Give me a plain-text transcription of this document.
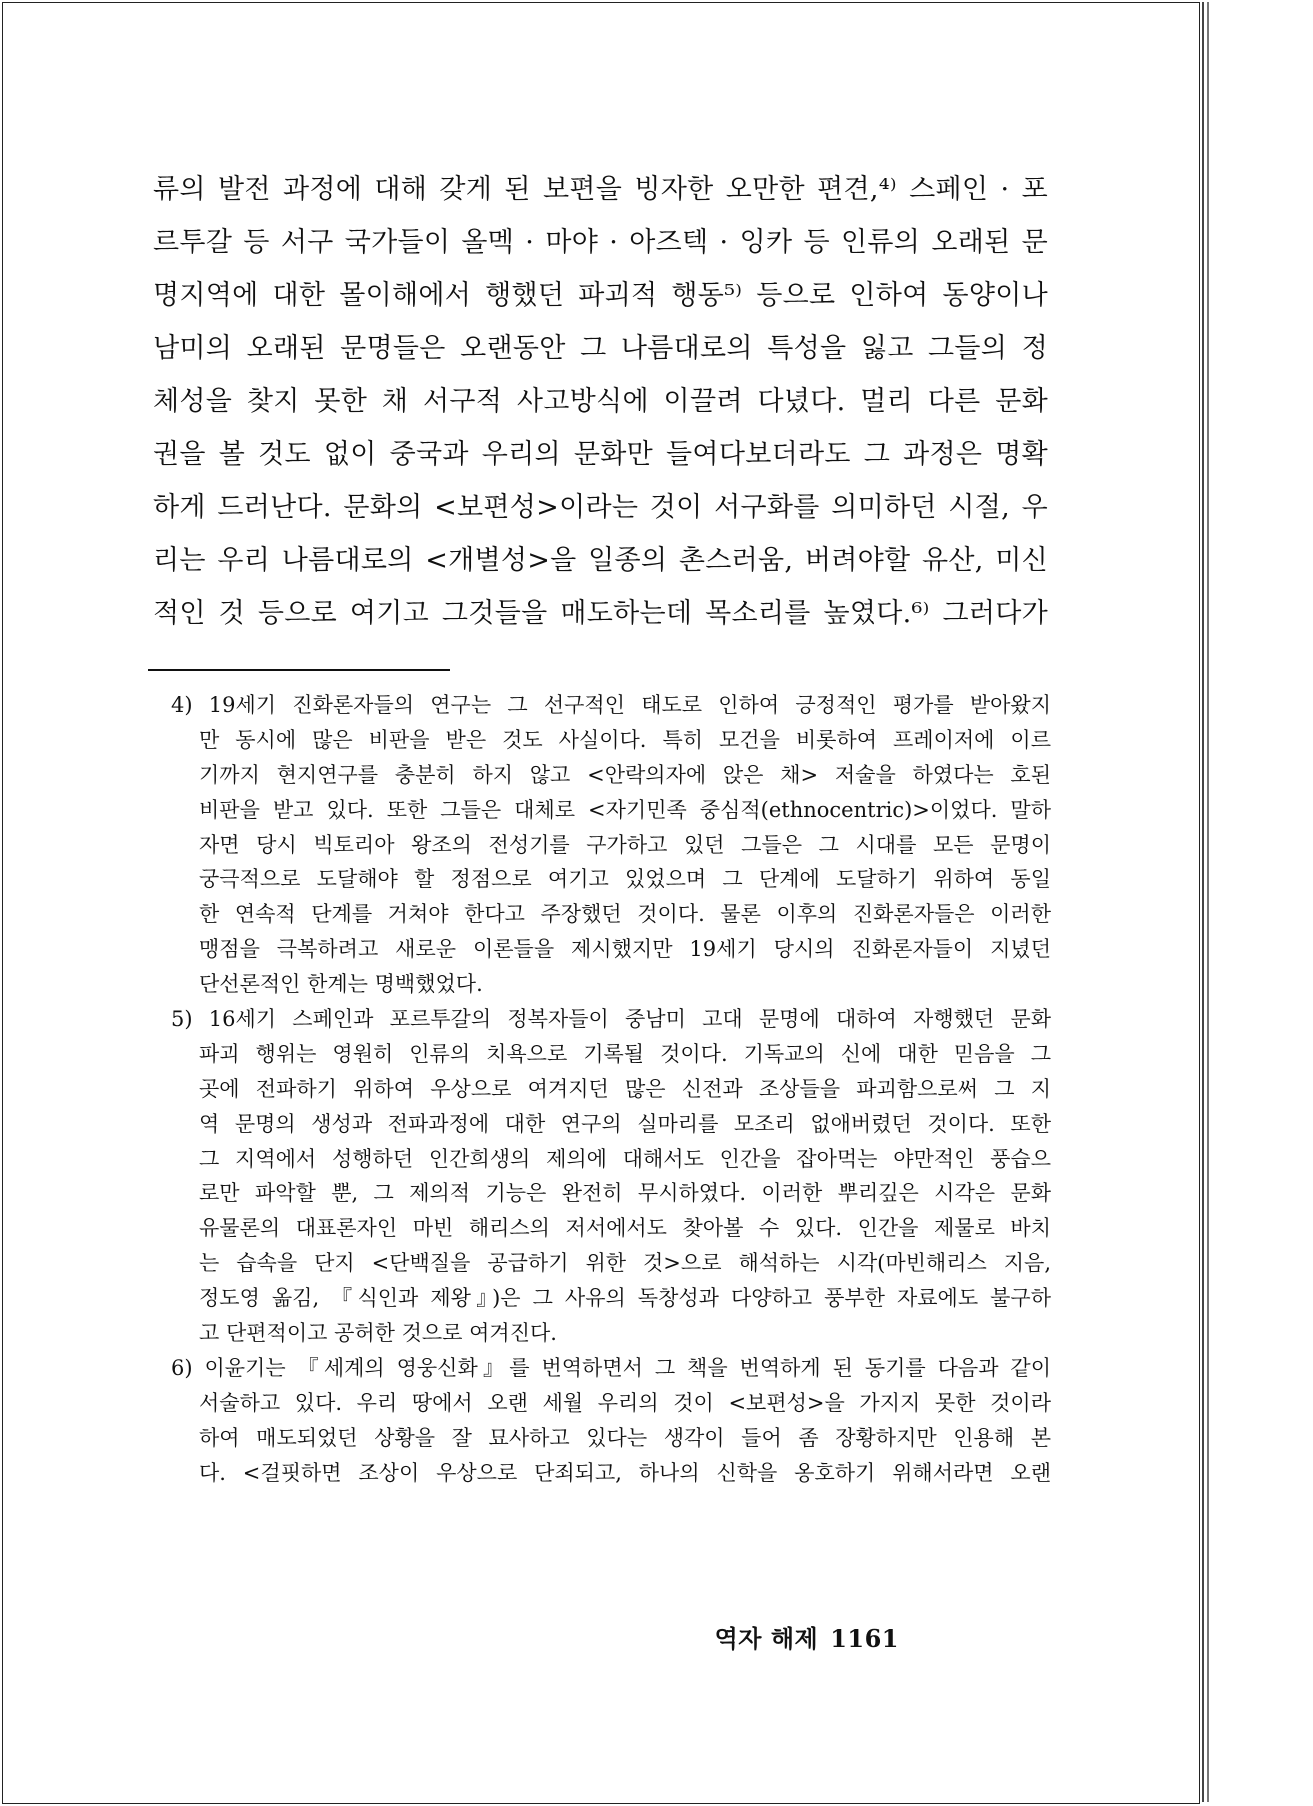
류의 발전 과정에 대해 갖게 된 보편을 빙자한 오만한 편견,⁴⁾ 스페인 · 포
르투갈 등 서구 국가들이 올멕 · 마야 · 아즈텍 · 잉카 등 인류의 오래된 문
명지역에 대한 몰이해에서 행했던 파괴적 행동⁵⁾ 등으로 인하여 동양이나
남미의 오래된 문명들은 오랜동안 그 나름대로의 특성을 잃고 그들의 정
체성을 찾지 못한 채 서구적 사고방식에 이끌려 다녔다. 멀리 다른 문화
권을 볼 것도 없이 중국과 우리의 문화만 들여다보더라도 그 과정은 명확
하게 드러난다. 문화의 <보편성>이라는 것이 서구화를 의미하던 시절, 우
리는 우리 나름대로의 <개별성>을 일종의 촌스러움, 버려야할 유산, 미신
적인 것 등으로 여기고 그것들을 매도하는데 목소리를 높였다.⁶⁾ 그러다가
4) 19세기 진화론자들의 연구는 그 선구적인 태도로 인하여 긍정적인 평가를 받아왔지
만 동시에 많은 비판을 받은 것도 사실이다. 특히 모건을 비롯하여 프레이저에 이르
기까지 현지연구를 충분히 하지 않고 <안락의자에 앉은 채> 저술을 하였다는 호된
비판을 받고 있다. 또한 그들은 대체로 <자기민족 중심적(ethnocentric)>이었다. 말하
자면 당시 빅토리아 왕조의 전성기를 구가하고 있던 그들은 그 시대를 모든 문명이
궁극적으로 도달해야 할 정점으로 여기고 있었으며 그 단계에 도달하기 위하여 동일
한 연속적 단계를 거쳐야 한다고 주장했던 것이다. 물론 이후의 진화론자들은 이러한
맹점을 극복하려고 새로운 이론들을 제시했지만 19세기 당시의 진화론자들이 지녔던
단선론적인 한계는 명백했었다.
5) 16세기 스페인과 포르투갈의 정복자들이 중남미 고대 문명에 대하여 자행했던 문화
파괴 행위는 영원히 인류의 치욕으로 기록될 것이다. 기독교의 신에 대한 믿음을 그
곳에 전파하기 위하여 우상으로 여겨지던 많은 신전과 조상들을 파괴함으로써 그 지
역 문명의 생성과 전파과정에 대한 연구의 실마리를 모조리 없애버렸던 것이다. 또한
그 지역에서 성행하던 인간희생의 제의에 대해서도 인간을 잡아먹는 야만적인 풍습으
로만 파악할 뿐, 그 제의적 기능은 완전히 무시하였다. 이러한 뿌리깊은 시각은 문화
유물론의 대표론자인 마빈 해리스의 저서에서도 찾아볼 수 있다. 인간을 제물로 바치
는 습속을 단지 <단백질을 공급하기 위한 것>으로 해석하는 시각(마빈해리스 지음,
정도영 옮김, 『식인과 제왕』)은 그 사유의 독창성과 다양하고 풍부한 자료에도 불구하
고 단편적이고 공허한 것으로 여겨진다.
6) 이윤기는 『세계의 영웅신화』를 번역하면서 그 책을 번역하게 된 동기를 다음과 같이
서술하고 있다. 우리 땅에서 오랜 세월 우리의 것이 <보편성>을 가지지 못한 것이라
하여 매도되었던 상황을 잘 묘사하고 있다는 생각이 들어 좀 장황하지만 인용해 본
다. <걸핏하면 조상이 우상으로 단죄되고, 하나의 신학을 옹호하기 위해서라면 오랜
역자 해제 1161
